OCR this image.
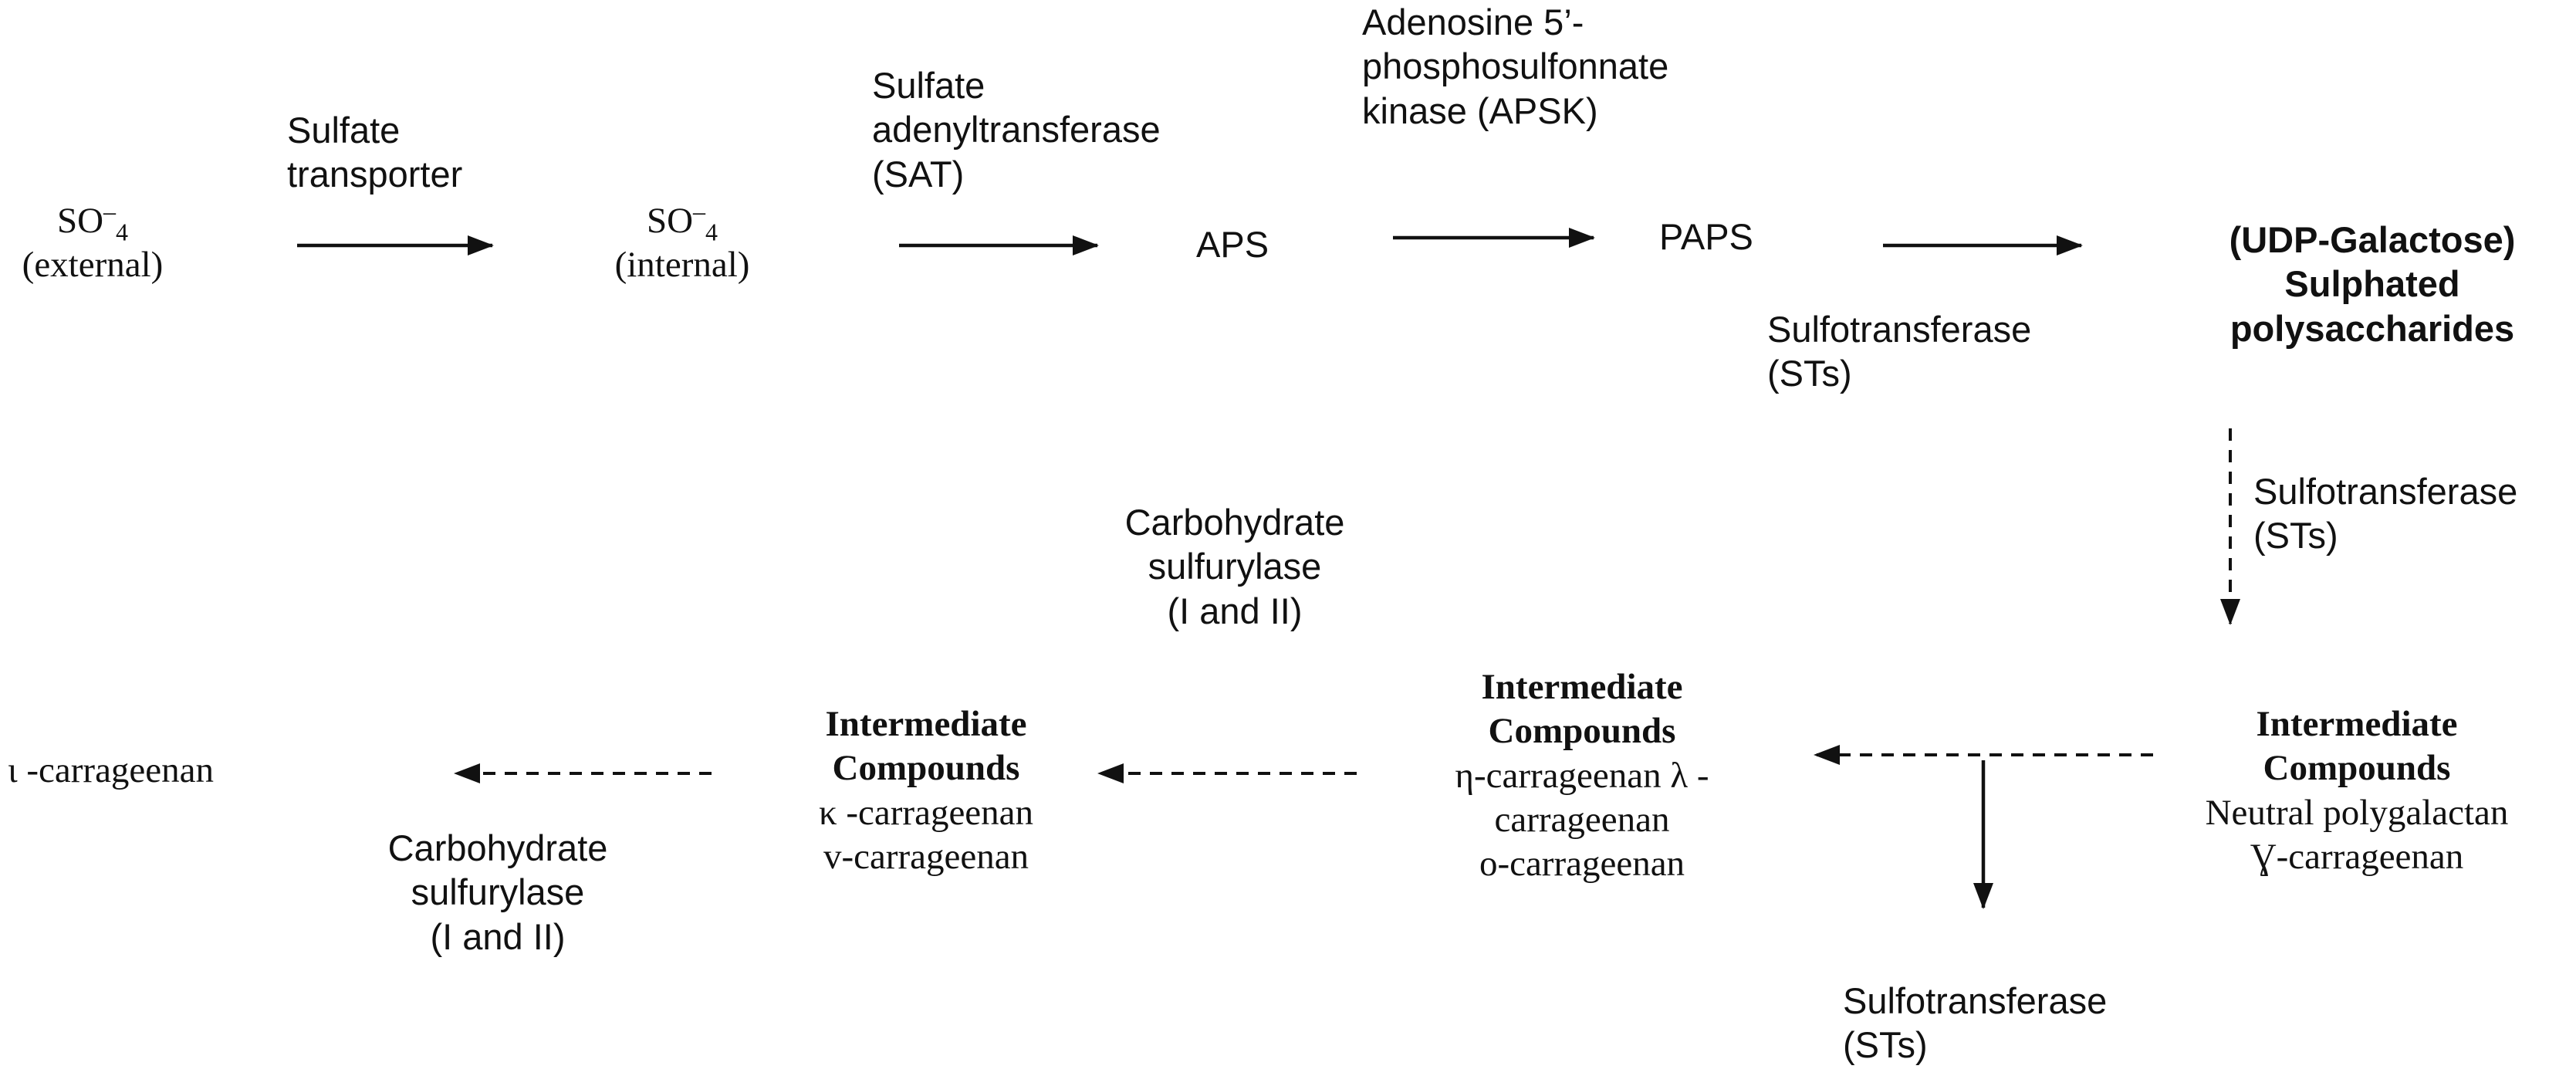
$SO^-_4$
(external)
Sulfate
transporter
$SO^-_4$
(internal)
Sulfate
adenyltransferase
(SAT)
APS
Adenosine 5’-
phosphosulfonnate
kinase (APSK)
PAPS
Sulfotransferase
(STs)
(UDP-Galactose)
Sulphated
polysaccharides
Sulfotransferase
(STs)
Carbohydrate
sulfurylase
(I and II)
Intermediate
Compounds
Neutral polygalactan
Ɣ-carrageenan
Intermediate
Compounds
η-carrageenan λ -
carrageenan
o-carrageenan
Sulfotransferase
(STs)
Intermediate
Compounds
κ -carrageenan
v-carrageenan
ι -carrageenan
Carbohydrate
sulfurylase
(I and II)
